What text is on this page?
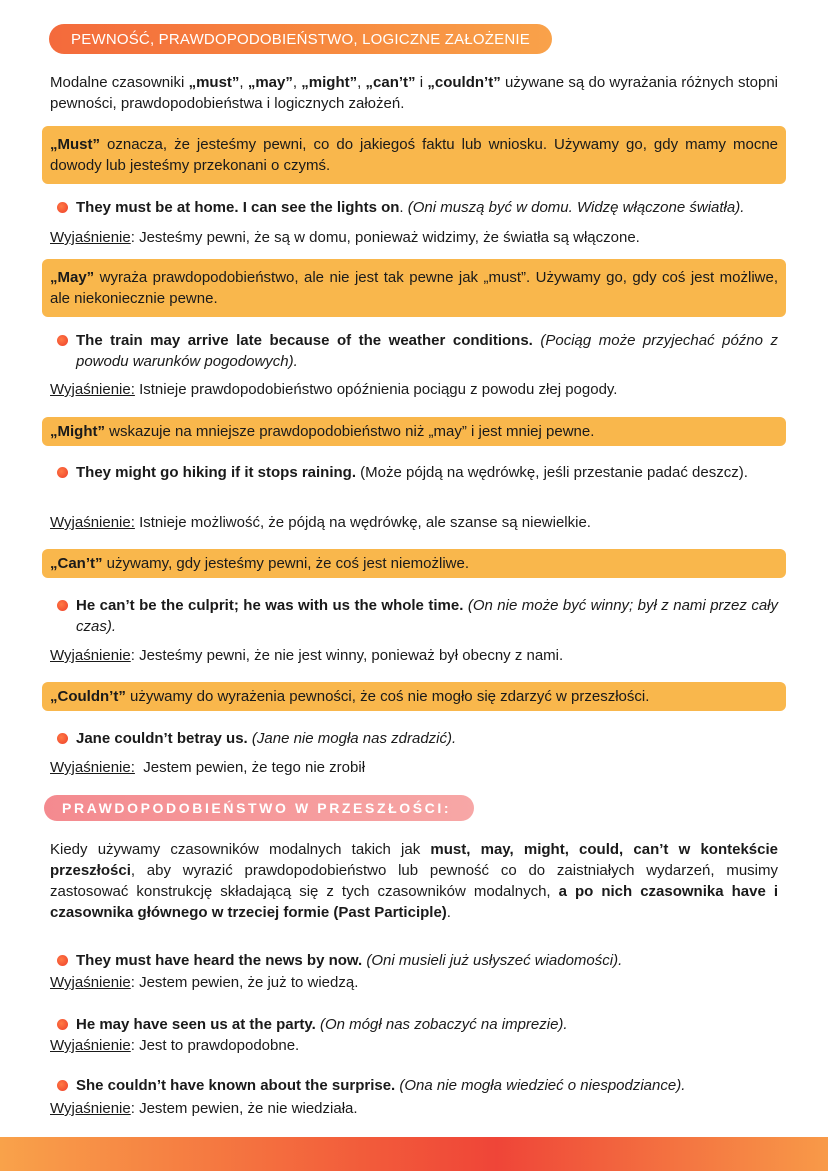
PEWNOŚĆ, PRAWDOPODOBIEŃSTWO, LOGICZNE ZAŁOŻENIE
Modalne czasowniki „must”, „may”, „might”, „can’t” i „couldn’t” używane są do wyrażania różnych stopni pewności, prawdopodobieństwa i logicznych założeń.
„Must” oznacza, że jesteśmy pewni, co do jakiegoś faktu lub wniosku. Używamy go, gdy mamy mocne dowody lub jesteśmy przekonani o czymś.
They must be at home. I can see the lights on. (Oni muszą być w domu. Widzę włączone światła).
Wyjaśnienie: Jesteśmy pewni, że są w domu, ponieważ widzimy, że światła są włączone.
„May” wyraża prawdopodobieństwo, ale nie jest tak pewne jak „must”. Używamy go, gdy coś jest możliwe, ale niekoniecznie pewne.
The train may arrive late because of the weather conditions. (Pociąg może przyjechać późno z powodu warunków pogodowych).
Wyjaśnienie: Istnieje prawdopodobieństwo opóźnienia pociągu z powodu złej pogody.
„Might” wskazuje na mniejsze prawdopodobieństwo niż „may” i jest mniej pewne.
They might go hiking if it stops raining. (Może pójdą na wędrówkę, jeśli przestanie padać deszcz).
Wyjaśnienie: Istnieje możliwość, że pójdą na wędrówkę, ale szanse są niewielkie.
„Can’t” używamy, gdy jesteśmy pewni, że coś jest niemożliwe.
He can’t be the culprit; he was with us the whole time. (On nie może być winny; był z nami przez cały czas).
Wyjaśnienie: Jesteśmy pewni, że nie jest winny, ponieważ był obecny z nami.
„Couldn’t” używamy do wyrażenia pewności, że coś nie mogło się zdarzyć w przeszłości.
Jane couldn’t betray us. (Jane nie mogła nas zdradzić).
Wyjaśnienie:  Jestem pewien, że tego nie zrobił
PRAWDOPODOBIEŃSTWO W PRZESZŁOŚCI:
Kiedy używamy czasowników modalnych takich jak must, may, might, could, can’t w kontekście przeszłości, aby wyrazić prawdopodobieństwo lub pewność co do zaistniałych wydarzeń, musimy zastosować konstrukcję składającą się z tych czasowników modalnych, a po nich czasownika have i czasownika głównego w trzeciej formie (Past Participle).
They must have heard the news by now. (Oni musieli już usłyszeć wiadomości).
Wyjaśnienie: Jestem pewien, że już to wiedzą.
He may have seen us at the party. (On mógł nas zobaczyć na imprezie).
Wyjaśnienie: Jest to prawdopodobne.
She couldn’t have known about the surprise. (Ona nie mogła wiedzieć o niespodziance).
Wyjaśnienie: Jestem pewien, że nie wiedziała.
